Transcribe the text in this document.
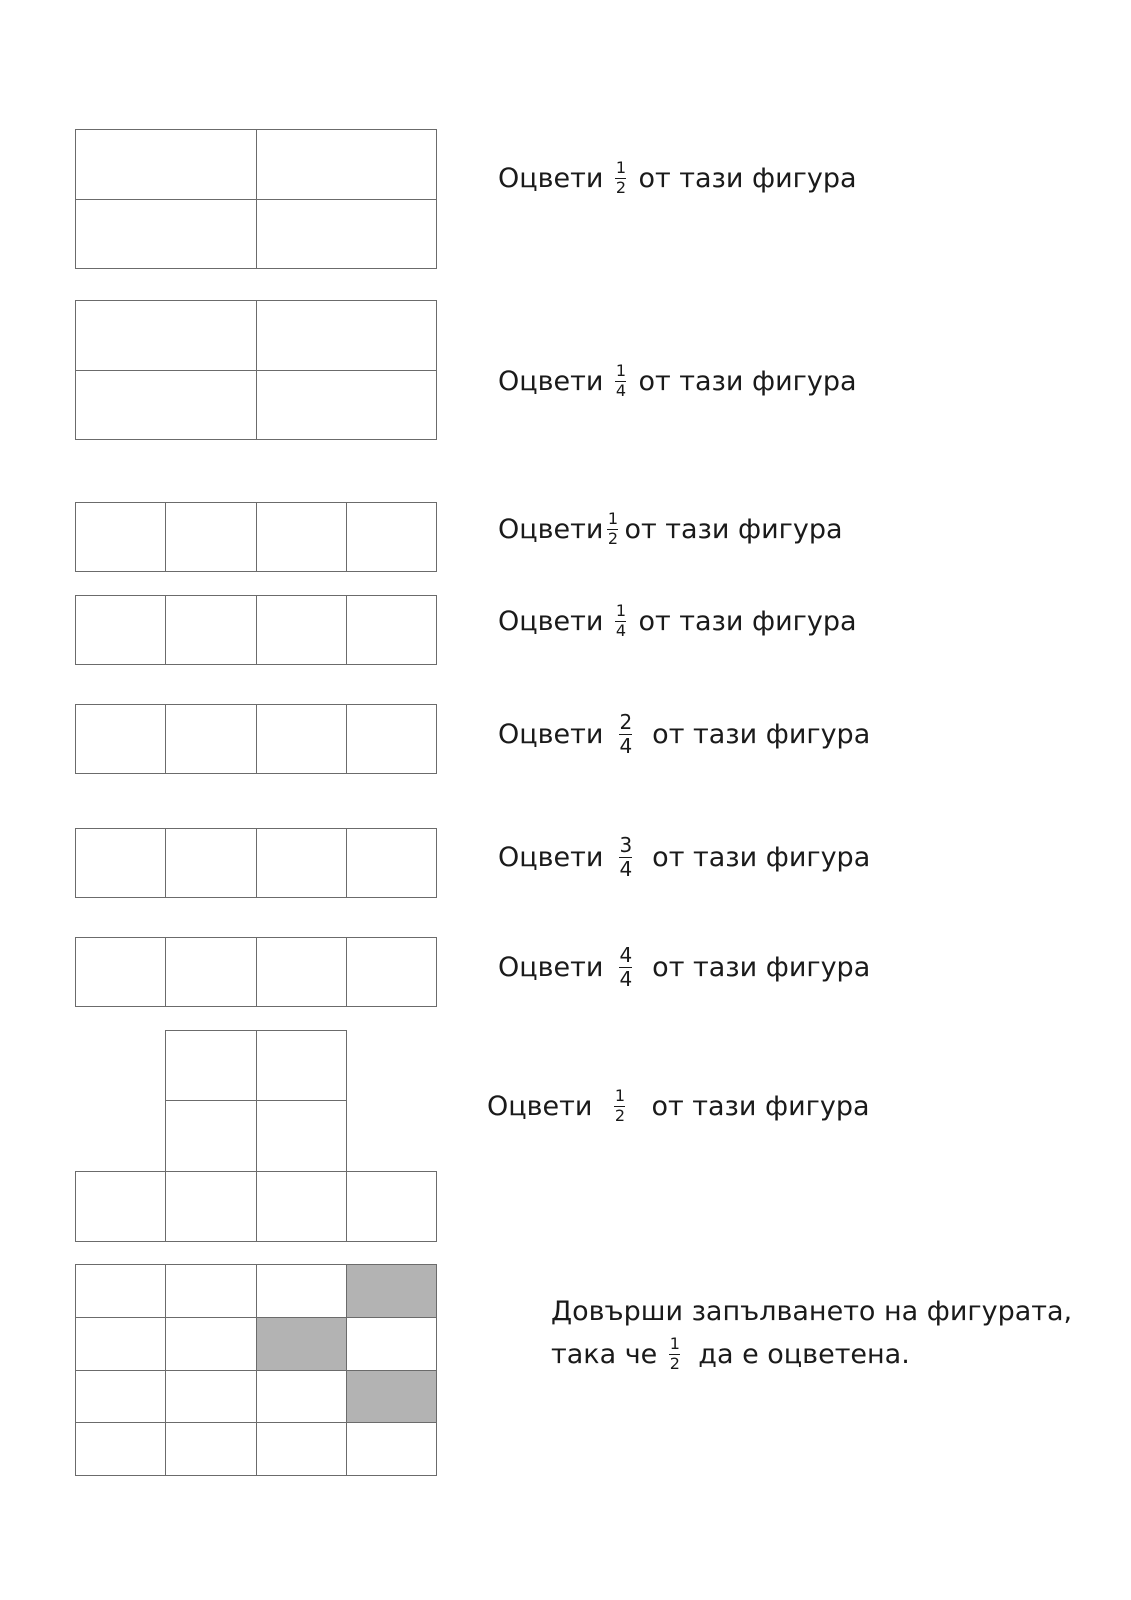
Оцвети $\frac{1}{2}$ от тази фигура

Оцвети $\frac{1}{4}$ от тази фигура

Оцвети $\frac{1}{2}$ от тази фигура

Оцвети $\frac{1}{4}$ от тази фигура

Оцвети $\frac{2}{4}$ от тази фигура

Оцвети $\frac{3}{4}$ от тази фигура

Оцвети $\frac{4}{4}$ от тази фигура

Оцвети $\frac{1}{2}$ от тази фигура

Довърши запълването на фигурата,
така че $\frac{1}{2}$ да е оцветена.
